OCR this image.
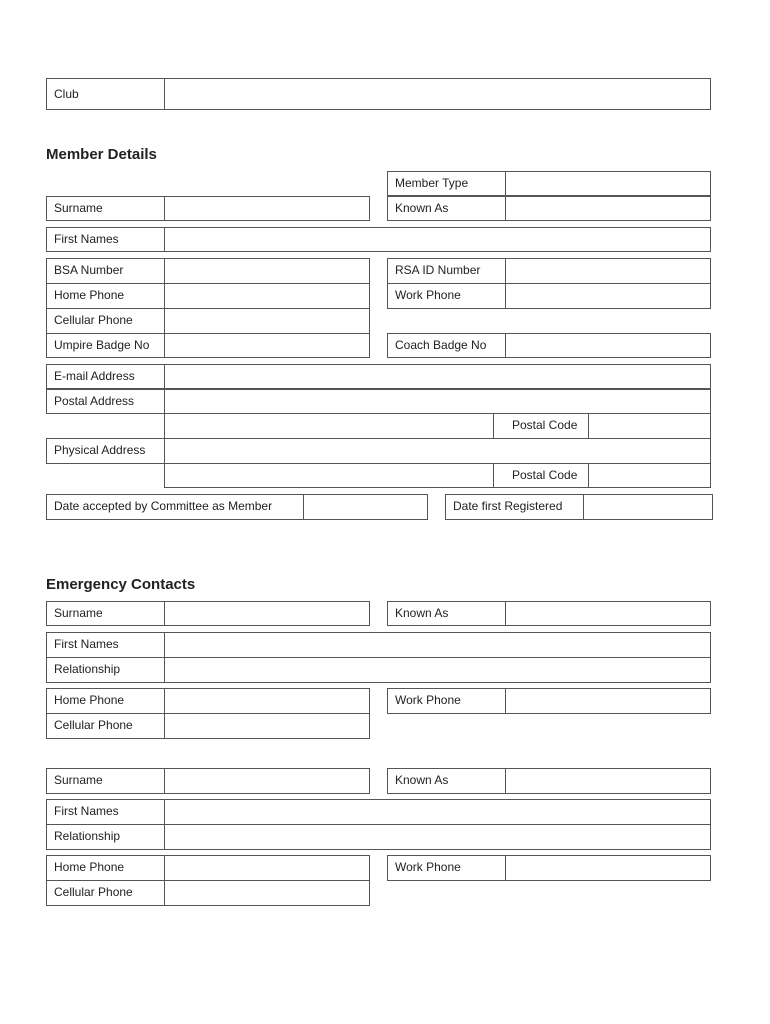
Club
Member Details
Member Type
Surname	Known As
First Names
BSA Number	RSA ID Number
Home Phone	Work Phone
Cellular Phone
Umpire Badge No	Coach Badge No
E-mail Address
Postal Address
Postal Code
Physical Address
Postal Code
Date accepted by Committee as Member	Date first Registered
Emergency Contacts
Surname	Known As
First Names
Relationship
Home Phone	Work Phone
Cellular Phone
Surname	Known As
First Names
Relationship
Home Phone	Work Phone
Cellular Phone
